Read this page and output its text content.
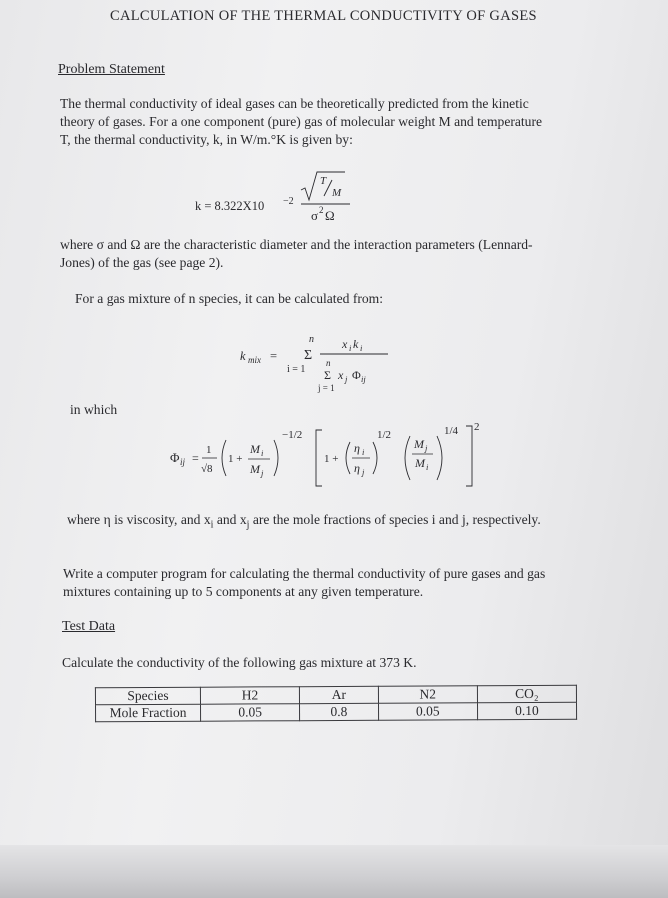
CALCULATION OF THE THERMAL CONDUCTIVITY OF GASES
Problem Statement
The thermal conductivity of ideal gases can be theoretically predicted from the kinetic
theory of gases. For a one component (pure) gas of molecular weight M and temperature
T, the thermal conductivity, k, in W/m.°K is given by:
k = 8.322X10 −2
T
M
σ 2 Ω
where σ and Ω are the characteristic diameter and the interaction parameters (Lennard-
Jones) of the gas (see page 2).
For a gas mixture of n species, it can be calculated from:
k mix =
n
Σ
i = 1
x i k i
n
Σ x j Φ ij
j = 1
in which
Φ ij =
1
√8
1 +
M i
M j
−1/2
1 +
η i
η j
1/2
M j
M i
1/4 2
where η is viscosity, and $x_i$ and $x_j$ are the mole fractions of species i and j, respectively.
Write a computer program for calculating the thermal conductivity of pure gases and gas
mixtures containing up to 5 components at any given temperature.
Test Data
Calculate the conductivity of the following gas mixture at 373 K.
Species	H2	Ar	N2	CO₂
Mole Fraction	0.05	0.8	0.05	0.10
